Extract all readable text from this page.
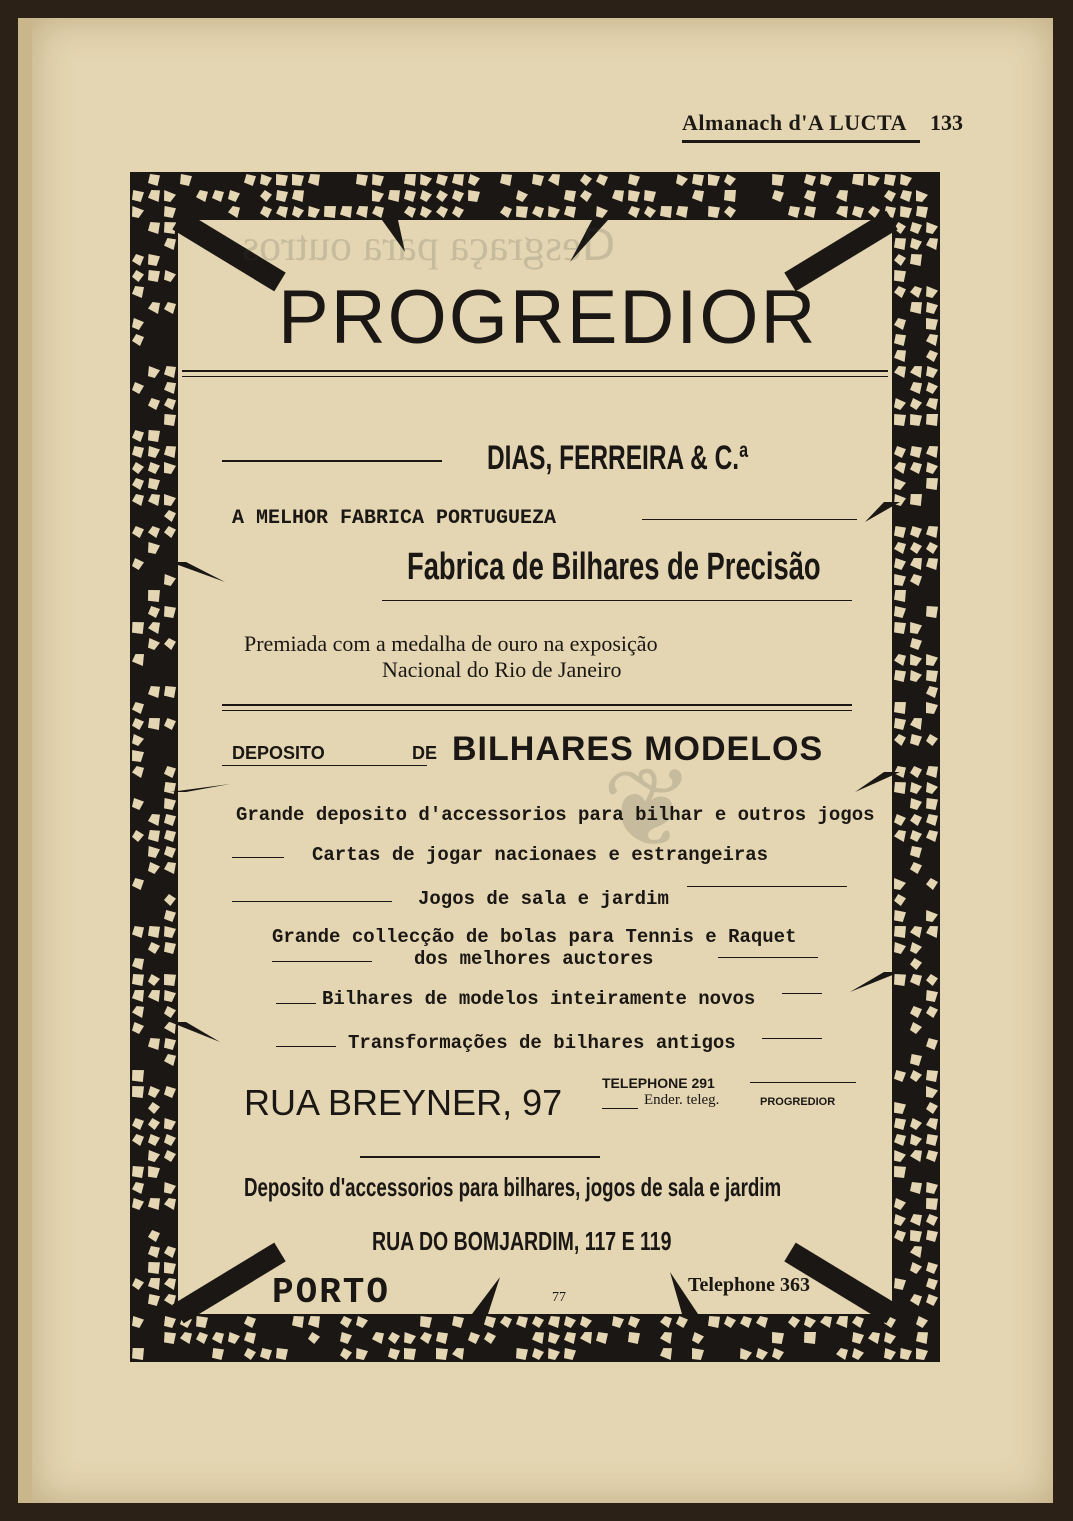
Almanach d'A LUCTA 133
ᗡesgraça para outros
❦
PROGREDIOR
DIAS, FERREIRA & C.ª
A MELHOR FABRICA PORTUGUEZA
Fabrica de Bilhares de Precisão
Premiada com a medalha de ouro na exposição
Nacional do Rio de Janeiro
DEPOSITO	DE BILHARES MODELOS
Grande deposito d'accessorios para bilhar e outros jogos
Cartas de jogar nacionaes e estrangeiras
Jogos de sala e jardim
Grande collecção de bolas para Tennis e Raquet
dos melhores auctores
Bilhares de modelos inteiramente novos
Transformações de bilhares antigos
RUA BREYNER, 97	TELEPHONE 291
Ender. teleg.	PROGREDIOR
Deposito d'accessorios para bilhares, jogos de sala e jardim
RUA DO BOMJARDIM, 117 E 119
PORTO	77
Telephone 363
